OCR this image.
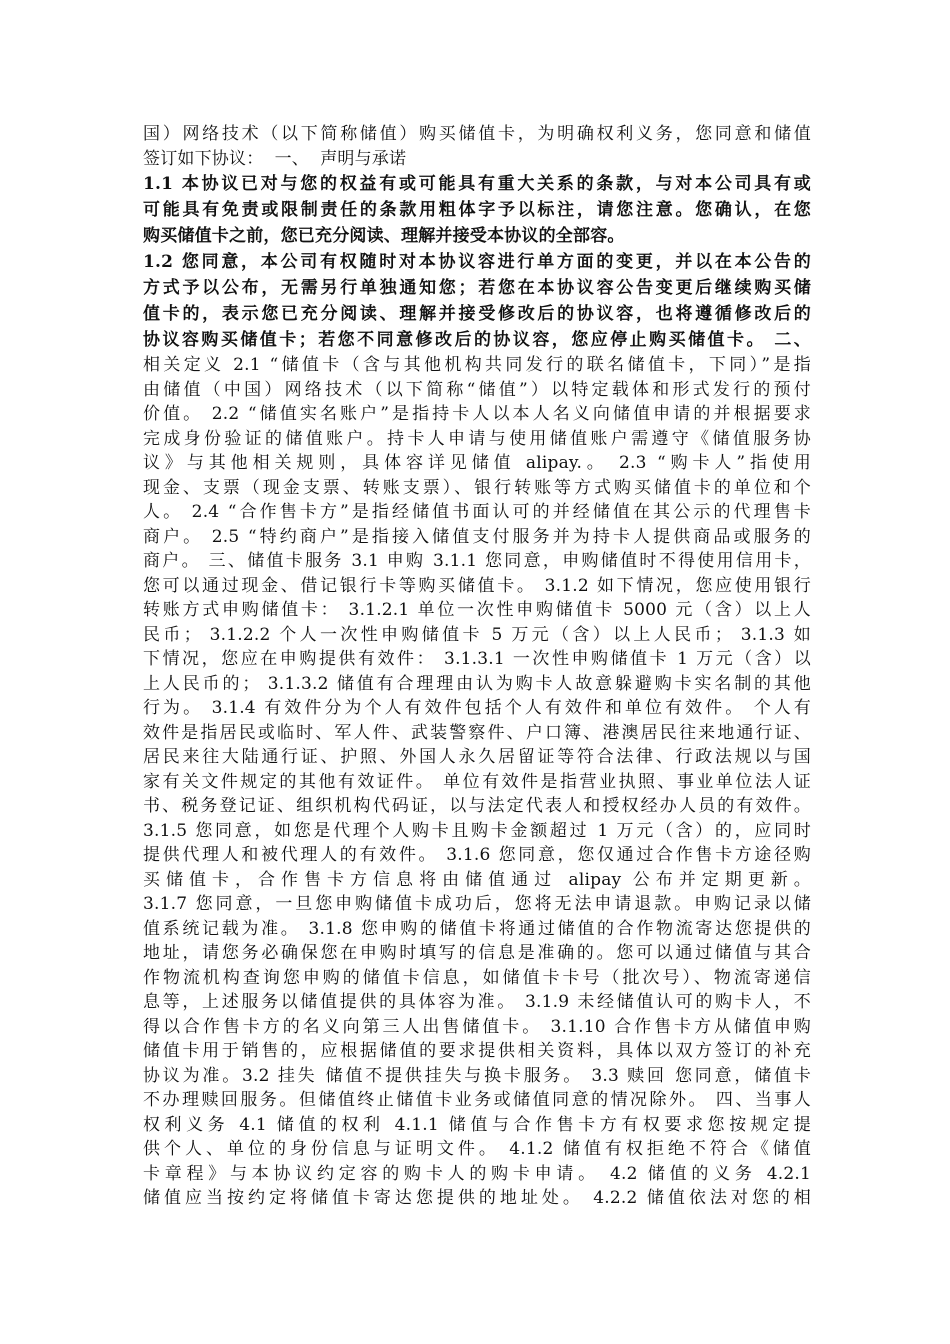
国）网络技术（以下简称储值）购买储值卡，为明确权利义务，您同意和储值
签订如下协议：  一、  声明与承诺
1.1 本协议已对与您的权益有或可能具有重大关系的条款，与对本公司具有或
可能具有免责或限制责任的条款用粗体字予以标注，请您注意。您确认，在您
购买储值卡之前，您已充分阅读、理解并接受本协议的全部容。
1.2 您同意，本公司有权随时对本协议容进行单方面的变更，并以在本公告的
方式予以公布，无需另行单独通知您；若您在本协议容公告变更后继续购买储
值卡的，表示您已充分阅读、理解并接受修改后的协议容，也将遵循修改后的
协议容购买储值卡；若您不同意修改后的协议容，您应停止购买储值卡。 二、
相关定义 2.1 “储值卡（含与其他机构共同发行的联名储值卡，下同）”是指
由储值（中国）网络技术（以下简称“储值”）以特定载体和形式发行的预付
价值。 2.2 “储值实名账户”是指持卡人以本人名义向储值申请的并根据要求
完成身份验证的储值账户。持卡人申请与使用储值账户需遵守《储值服务协
议》与其他相关规则，具体容详见储值 alipay.。 2.3 “购卡人”指使用
现金、支票（现金支票、转账支票）、银行转账等方式购买储值卡的单位和个
人。 2.4 “合作售卡方”是指经储值书面认可的并经储值在其公示的代理售卡
商户。 2.5 “特约商户”是指接入储值支付服务并为持卡人提供商品或服务的
商户。 三、储值卡服务 3.1 申购 3.1.1 您同意，申购储值时不得使用信用卡，
您可以通过现金、借记银行卡等购买储值卡。 3.1.2 如下情况，您应使用银行
转账方式申购储值卡： 3.1.2.1 单位一次性申购储值卡 5000 元（含）以上人
民币； 3.1.2.2 个人一次性申购储值卡 5 万元（含）以上人民币； 3.1.3 如
下情况，您应在申购提供有效件： 3.1.3.1 一次性申购储值卡 1 万元（含）以
上人民币的； 3.1.3.2 储值有合理理由认为购卡人故意躲避购卡实名制的其他
行为。 3.1.4 有效件分为个人有效件包括个人有效件和单位有效件。 个人有
效件是指居民或临时、军人件、武装警察件、户口簿、港澳居民往来地通行证、
居民来往大陆通行证、护照、外国人永久居留证等符合法律、行政法规以与国
家有关文件规定的其他有效证件。 单位有效件是指营业执照、事业单位法人证
书、税务登记证、组织机构代码证，以与法定代表人和授权经办人员的有效件。
3.1.5 您同意，如您是代理个人购卡且购卡金额超过 1 万元（含）的，应同时
提供代理人和被代理人的有效件。 3.1.6 您同意，您仅通过合作售卡方途径购
买储值卡，合作售卡方信息将由储值通过 alipay 公布并定期更新。
3.1.7 您同意，一旦您申购储值卡成功后，您将无法申请退款。申购记录以储
值系统记载为准。 3.1.8 您申购的储值卡将通过储值的合作物流寄达您提供的
地址，请您务必确保您在申购时填写的信息是准确的。您可以通过储值与其合
作物流机构查询您申购的储值卡信息，如储值卡卡号（批次号）、物流寄递信
息等，上述服务以储值提供的具体容为准。 3.1.9 未经储值认可的购卡人，不
得以合作售卡方的名义向第三人出售储值卡。 3.1.10 合作售卡方从储值申购
储值卡用于销售的，应根据储值的要求提供相关资料，具体以双方签订的补充
协议为准。3.2 挂失 储值不提供挂失与换卡服务。 3.3 赎回 您同意，储值卡
不办理赎回服务。但储值终止储值卡业务或储值同意的情况除外。 四、当事人
权利义务 4.1 储值的权利 4.1.1 储值与合作售卡方有权要求您按规定提
供个人、单位的身份信息与证明文件。 4.1.2 储值有权拒绝不符合《储值
卡章程》与本协议约定容的购卡人的购卡申请。 4.2 储值的义务 4.2.1
储值应当按约定将储值卡寄达您提供的地址处。 4.2.2 储值依法对您的相
